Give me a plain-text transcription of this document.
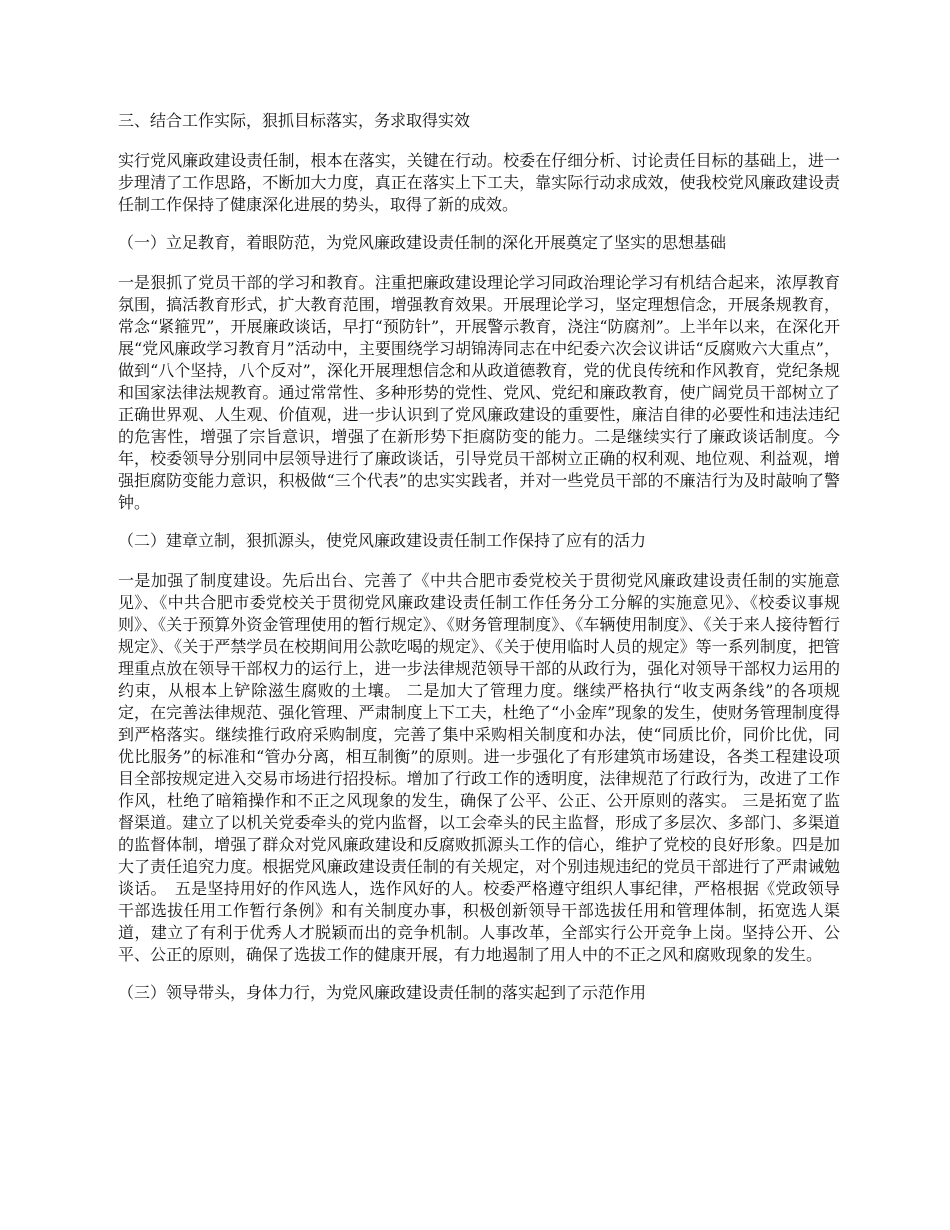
三、结合工作实际，狠抓目标落实，务求取得实效

实行党风廉政建设责任制，根本在落实，关键在行动。校委在仔细分析、讨论责任目标的基础上，进一步理清了工作思路，不断加大力度，真正在落实上下工夫，靠实际行动求成效，使我校党风廉政建设责任制工作保持了健康深化进展的势头，取得了新的成效。

（一）立足教育，着眼防范，为党风廉政建设责任制的深化开展奠定了坚实的思想基础

一是狠抓了党员干部的学习和教育。注重把廉政建设理论学习同政治理论学习有机结合起来，浓厚教育氛围，搞活教育形式，扩大教育范围，增强教育效果。开展理论学习，坚定理想信念，开展条规教育，常念“紧箍咒”，开展廉政谈话，早打“预防针”，开展警示教育，浇注“防腐剂”。上半年以来，在深化开展“党风廉政学习教育月”活动中，主要围绕学习胡锦涛同志在中纪委六次会议讲话“反腐败六大重点”，做到“八个坚持，八个反对”，深化开展理想信念和从政道德教育，党的优良传统和作风教育，党纪条规和国家法律法规教育。通过常常性、多种形势的党性、党风、党纪和廉政教育，使广阔党员干部树立了正确世界观、人生观、价值观，进一步认识到了党风廉政建设的重要性，廉洁自律的必要性和违法违纪的危害性，增强了宗旨意识，增强了在新形势下拒腐防变的能力。二是继续实行了廉政谈话制度。今年，校委领导分别同中层领导进行了廉政谈话，引导党员干部树立正确的权利观、地位观、利益观，增强拒腐防变能力意识，积极做“三个代表”的忠实实践者，并对一些党员干部的不廉洁行为及时敲响了警钟。

（二）建章立制，狠抓源头，使党风廉政建设责任制工作保持了应有的活力

一是加强了制度建设。先后出台、完善了《中共合肥市委党校关于贯彻党风廉政建设责任制的实施意见》、《中共合肥市委党校关于贯彻党风廉政建设责任制工作任务分工分解的实施意见》、《校委议事规则》、《关于预算外资金管理使用的暂行规定》、《财务管理制度》、《车辆使用制度》、《关于来人接待暂行规定》、《关于严禁学员在校期间用公款吃喝的规定》、《关于使用临时人员的规定》等一系列制度，把管理重点放在领导干部权力的运行上，进一步法律规范领导干部的从政行为，强化对领导干部权力运用的约束，从根本上铲除滋生腐败的土壤。 二是加大了管理力度。继续严格执行“收支两条线”的各项规定，在完善法律规范、强化管理、严肃制度上下工夫，杜绝了“小金库”现象的发生，使财务管理制度得到严格落实。继续推行政府采购制度，完善了集中采购相关制度和办法，使“同质比价，同价比优，同优比服务”的标准和“管办分离，相互制衡”的原则。进一步强化了有形建筑市场建设，各类工程建设项目全部按规定进入交易市场进行招投标。增加了行政工作的透明度，法律规范了行政行为，改进了工作作风，杜绝了暗箱操作和不正之风现象的发生，确保了公平、公正、公开原则的落实。 三是拓宽了监督渠道。建立了以机关党委牵头的党内监督，以工会牵头的民主监督，形成了多层次、多部门、多渠道的监督体制，增强了群众对党风廉政建设和反腐败抓源头工作的信心，维护了党校的良好形象。四是加大了责任追究力度。根据党风廉政建设责任制的有关规定，对个别违规违纪的党员干部进行了严肃诫勉谈话。　五是坚持用好的作风选人，选作风好的人。校委严格遵守组织人事纪律，严格根据《党政领导干部选拔任用工作暂行条例》和有关制度办事，积极创新领导干部选拔任用和管理体制，拓宽选人渠道，建立了有利于优秀人才脱颖而出的竞争机制。人事改革，全部实行公开竞争上岗。坚持公开、公平、公正的原则，确保了选拔工作的健康开展，有力地遏制了用人中的不正之风和腐败现象的发生。

（三）领导带头，身体力行，为党风廉政建设责任制的落实起到了示范作用
